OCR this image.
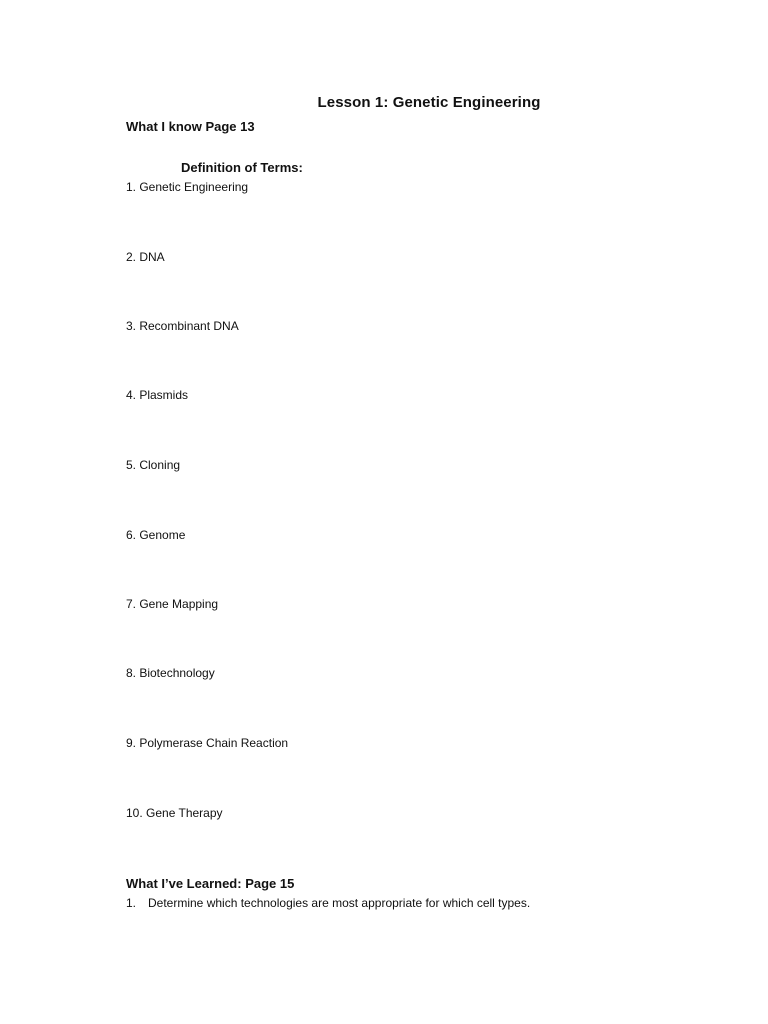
Lesson 1: Genetic Engineering
What I know Page 13
Definition of Terms:
1. Genetic Engineering
2. DNA
3. Recombinant DNA
4. Plasmids
5. Cloning
6. Genome
7. Gene Mapping
8. Biotechnology
9. Polymerase Chain Reaction
10. Gene Therapy
What I’ve Learned: Page 15
1. Determine which technologies are most appropriate for which cell types.
